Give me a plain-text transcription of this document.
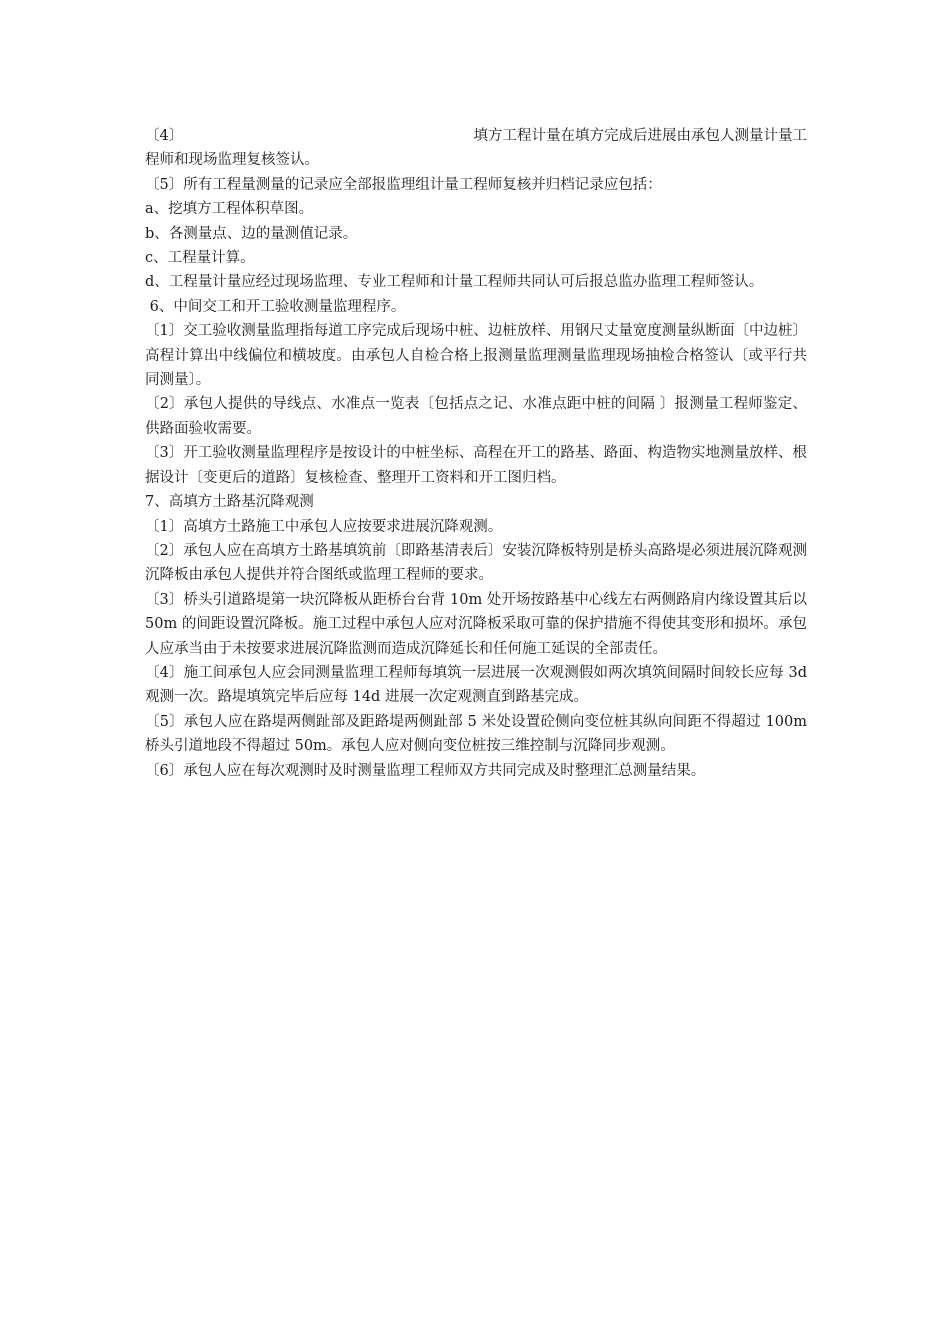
〔4〕	填方工程计量在填方完成后进展由承包人测量计量工
程师和现场监理复核签认。

〔5〕所有工程量测量的记录应全部报监理组计量工程师复核并归档记录应包括：

a、挖填方工程体积草图。

b、各测量点、边的量测值记录。

c、工程量计算。

d、工程量计量应经过现场监理、专业工程师和计量工程师共同认可后报总监办监理工程师签认。

6、中间交工和开工验收测量监理程序。

〔1〕交工验收测量监理指每道工序完成后现场中桩、边桩放样、用钢尺丈量宽度测量纵断面〔中边桩〕高程计算出中线偏位和横坡度。由承包人自检合格上报测量监理测量监理现场抽检合格签认〔或平行共同测量〕。

〔2〕承包人提供的导线点、水准点一览表〔包括点之记、水准点距中桩的间隔 〕报测量工程师鉴定、供路面验收需要。

〔3〕开工验收测量监理程序是按设计的中桩坐标、高程在开工的路基、路面、构造物实地测量放样、根据设计〔变更后的道路〕复核检查、整理开工资料和开工图归档。

7、高填方土路基沉降观测

〔1〕高填方土路施工中承包人应按要求进展沉降观测。

〔2〕承包人应在高填方土路基填筑前〔即路基清表后〕安装沉降板特别是桥头高路堤必须进展沉降观测沉降板由承包人提供并符合图纸或监理工程师的要求。

〔3〕桥头引道路堤第一块沉降板从距桥台台背 10m 处开场按路基中心线左右两侧路肩内缘设置其后以 50m 的间距设置沉降板。施工过程中承包人应对沉降板采取可靠的保护措施不得使其变形和损坏。承包人应承当由于未按要求进展沉降监测而造成沉降延长和任何施工延误的全部责任。

〔4〕施工间承包人应会同测量监理工程师每填筑一层进展一次观测假如两次填筑间隔时间较长应每 3d 观测一次。路堤填筑完毕后应每 14d 进展一次定观测直到路基完成。

〔5〕承包人应在路堤两侧趾部及距路堤两侧趾部 5 米处设置砼侧向变位桩其纵向间距不得超过 100m 桥头引道地段不得超过 50m。承包人应对侧向变位桩按三维控制与沉降同步观测。

〔6〕承包人应在每次观测时及时测量监理工程师双方共同完成及时整理汇总测量结果。
